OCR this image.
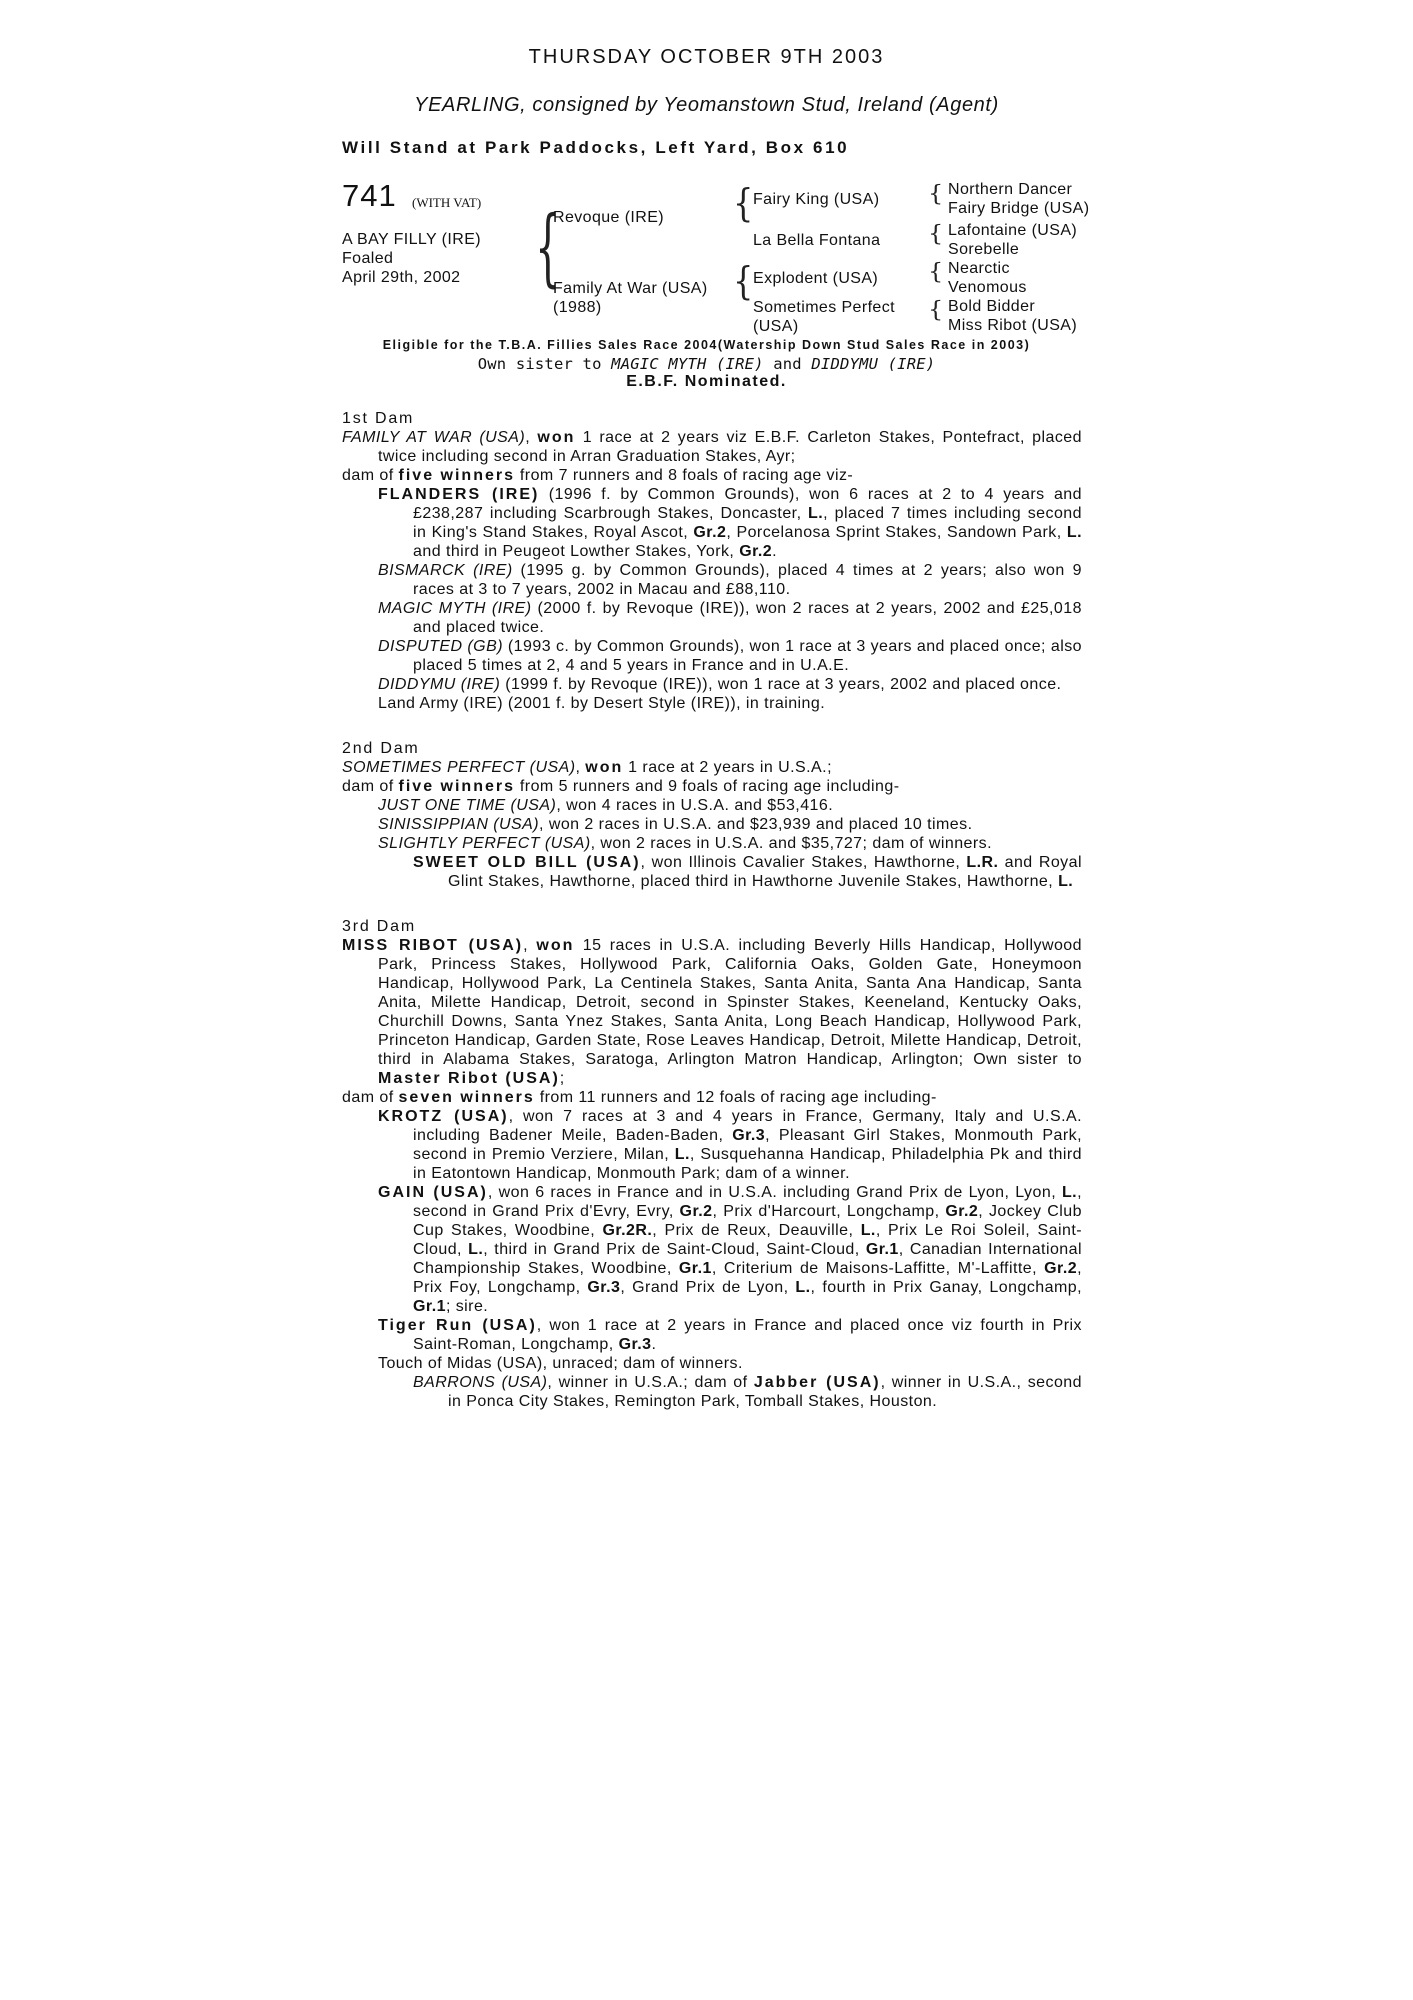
THURSDAY OCTOBER 9TH 2003
YEARLING, consigned by Yeomanstown Stud, Ireland (Agent)
Will Stand at Park Paddocks, Left Yard, Box 610
741 (WITH VAT)
A BAY FILLY (IRE)
Foaled
April 29th, 2002 {	{
{
{
{
{
{
Revoque (IRE)
Family At War (USA)
(1988)
Fairy King (USA)
La Bella Fontana
Explodent (USA)
Sometimes Perfect
(USA)
Northern Dancer
Fairy Bridge (USA)
Lafontaine (USA)
Sorebelle
Nearctic
Venomous
Bold Bidder
Miss Ribot (USA)
Eligible for the T.B.A. Fillies Sales Race 2004(Watership Down Stud Sales Race in 2003)
Own sister to MAGIC MYTH (IRE) and DIDDYMU (IRE)
E.B.F. Nominated.

1st Dam

FAMILY AT WAR (USA), won 1 race at 2 years viz E.B.F. Carleton Stakes, Pontefract, placed twice including second in Arran Graduation Stakes, Ayr;

dam of five winners from 7 runners and 8 foals of racing age viz-

FLANDERS (IRE) (1996 f. by Common Grounds), won 6 races at 2 to 4 years and £238,287 including Scarbrough Stakes, Doncaster, L., placed 7 times including second in King's Stand Stakes, Royal Ascot, Gr.2, Porcelanosa Sprint Stakes, Sandown Park, L. and third in Peugeot Lowther Stakes, York, Gr.2.

BISMARCK (IRE) (1995 g. by Common Grounds), placed 4 times at 2 years; also won 9 races at 3 to 7 years, 2002 in Macau and £88,110.

MAGIC MYTH (IRE) (2000 f. by Revoque (IRE)), won 2 races at 2 years, 2002 and £25,018 and placed twice.

DISPUTED (GB) (1993 c. by Common Grounds), won 1 race at 3 years and placed once; also placed 5 times at 2, 4 and 5 years in France and in U.A.E.

DIDDYMU (IRE) (1999 f. by Revoque (IRE)), won 1 race at 3 years, 2002 and placed once.

Land Army (IRE) (2001 f. by Desert Style (IRE)), in training.

2nd Dam

SOMETIMES PERFECT (USA), won 1 race at 2 years in U.S.A.;

dam of five winners from 5 runners and 9 foals of racing age including-

JUST ONE TIME (USA), won 4 races in U.S.A. and $53,416.

SINISSIPPIAN (USA), won 2 races in U.S.A. and $23,939 and placed 10 times.

SLIGHTLY PERFECT (USA), won 2 races in U.S.A. and $35,727; dam of winners.

SWEET OLD BILL (USA), won Illinois Cavalier Stakes, Hawthorne, L.R. and Royal Glint Stakes, Hawthorne, placed third in Hawthorne Juvenile Stakes, Hawthorne, L.

3rd Dam

MISS RIBOT (USA), won 15 races in U.S.A. including Beverly Hills Handicap, Hollywood Park, Princess Stakes, Hollywood Park, California Oaks, Golden Gate, Honeymoon Handicap, Hollywood Park, La Centinela Stakes, Santa Anita, Santa Ana Handicap, Santa Anita, Milette Handicap, Detroit, second in Spinster Stakes, Keeneland, Kentucky Oaks, Churchill Downs, Santa Ynez Stakes, Santa Anita, Long Beach Handicap, Hollywood Park, Princeton Handicap, Garden State, Rose Leaves Handicap, Detroit, Milette Handicap, Detroit, third in Alabama Stakes, Saratoga, Arlington Matron Handicap, Arlington; Own sister to Master Ribot (USA);

dam of seven winners from 11 runners and 12 foals of racing age including-

KROTZ (USA), won 7 races at 3 and 4 years in France, Germany, Italy and U.S.A. including Badener Meile, Baden-Baden, Gr.3, Pleasant Girl Stakes, Monmouth Park, second in Premio Verziere, Milan, L., Susquehanna Handicap, Philadelphia Pk and third in Eatontown Handicap, Monmouth Park; dam of a winner.

GAIN (USA), won 6 races in France and in U.S.A. including Grand Prix de Lyon, Lyon, L., second in Grand Prix d'Evry, Evry, Gr.2, Prix d'Harcourt, Longchamp, Gr.2, Jockey Club Cup Stakes, Woodbine, Gr.2R., Prix de Reux, Deauville, L., Prix Le Roi Soleil, Saint-Cloud, L., third in Grand Prix de Saint-Cloud, Saint-Cloud, Gr.1, Canadian International Championship Stakes, Woodbine, Gr.1, Criterium de Maisons-Laffitte, M'-Laffitte, Gr.2, Prix Foy, Longchamp, Gr.3, Grand Prix de Lyon, L., fourth in Prix Ganay, Longchamp, Gr.1; sire.

Tiger Run (USA), won 1 race at 2 years in France and placed once viz fourth in Prix Saint-Roman, Longchamp, Gr.3.

Touch of Midas (USA), unraced; dam of winners.

BARRONS (USA), winner in U.S.A.; dam of Jabber (USA), winner in U.S.A., second in Ponca City Stakes, Remington Park, Tomball Stakes, Houston.
